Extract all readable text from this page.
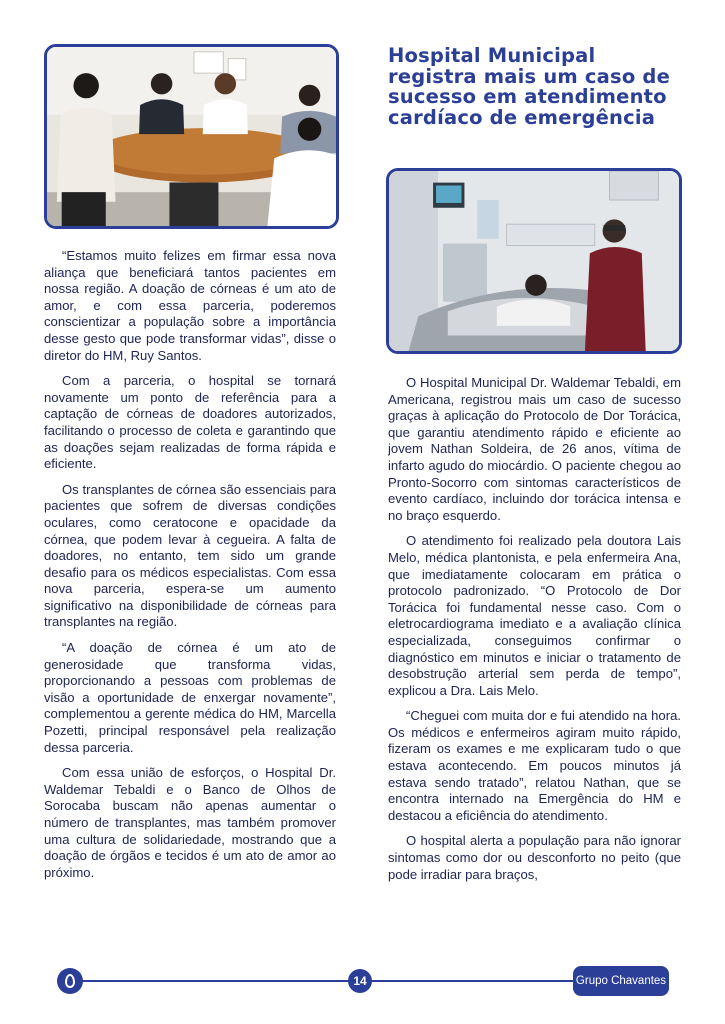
Hospital Municipal registra mais um caso de sucesso em atendimento cardíaco de emergência

“Estamos muito felizes em firmar essa nova aliança que beneficiará tantos pacientes em nossa região. A doação de córneas é um ato de amor, e com essa parceria, poderemos conscientizar a população sobre a importância desse gesto que pode transformar vidas”, disse o diretor do HM, Ruy Santos.

Com a parceria, o hospital se tornará novamente um ponto de referência para a captação de córneas de doadores autorizados, facilitando o processo de coleta e garantindo que as doações sejam realizadas de forma rápida e eficiente.

Os transplantes de córnea são essenciais para pacientes que sofrem de diversas condições oculares, como ceratocone e opacidade da córnea, que podem levar à cegueira. A falta de doadores, no entanto, tem sido um grande desafio para os médicos especialistas. Com essa nova parceria, espera-se um aumento significativo na disponibilidade de córneas para transplantes na região.

“A doação de córnea é um ato de generosidade que transforma vidas, proporcionando a pessoas com problemas de visão a oportunidade de enxergar novamente”, complementou a gerente médica do HM, Marcella Pozetti, principal responsável pela realização dessa parceria.

Com essa união de esforços, o Hospital Dr. Waldemar Tebaldi e o Banco de Olhos de Sorocaba buscam não apenas aumentar o número de transplantes, mas também promover uma cultura de solidariedade, mostrando que a doação de órgãos e tecidos é um ato de amor ao próximo.

O Hospital Municipal Dr. Waldemar Tebaldi, em Americana, registrou mais um caso de sucesso graças à aplicação do Protocolo de Dor Torácica, que garantiu atendimento rápido e eficiente ao jovem Nathan Soldeira, de 26 anos, vítima de infarto agudo do miocárdio. O paciente chegou ao Pronto-Socorro com sintomas característicos de evento cardíaco, incluindo dor torácica intensa e no braço esquerdo.

O atendimento foi realizado pela doutora Lais Melo, médica plantonista, e pela enfermeira Ana, que imediatamente colocaram em prática o protocolo padronizado. “O Protocolo de Dor Torácica foi fundamental nesse caso. Com o eletrocardiograma imediato e a avaliação clínica especializada, conseguimos confirmar o diagnóstico em minutos e iniciar o tratamento de desobstrução arterial sem perda de tempo”, explicou a Dra. Lais Melo.

“Cheguei com muita dor e fui atendido na hora. Os médicos e enfermeiros agiram muito rápido, fizeram os exames e me explicaram tudo o que estava acontecendo. Em poucos minutos já estava sendo tratado”, relatou Nathan, que se encontra internado na Emergência do HM e destacou a eficiência do atendimento.

O hospital alerta a população para não ignorar sintomas como dor ou desconforto no peito (que pode irradiar para braços,

14	Grupo Chavantes
